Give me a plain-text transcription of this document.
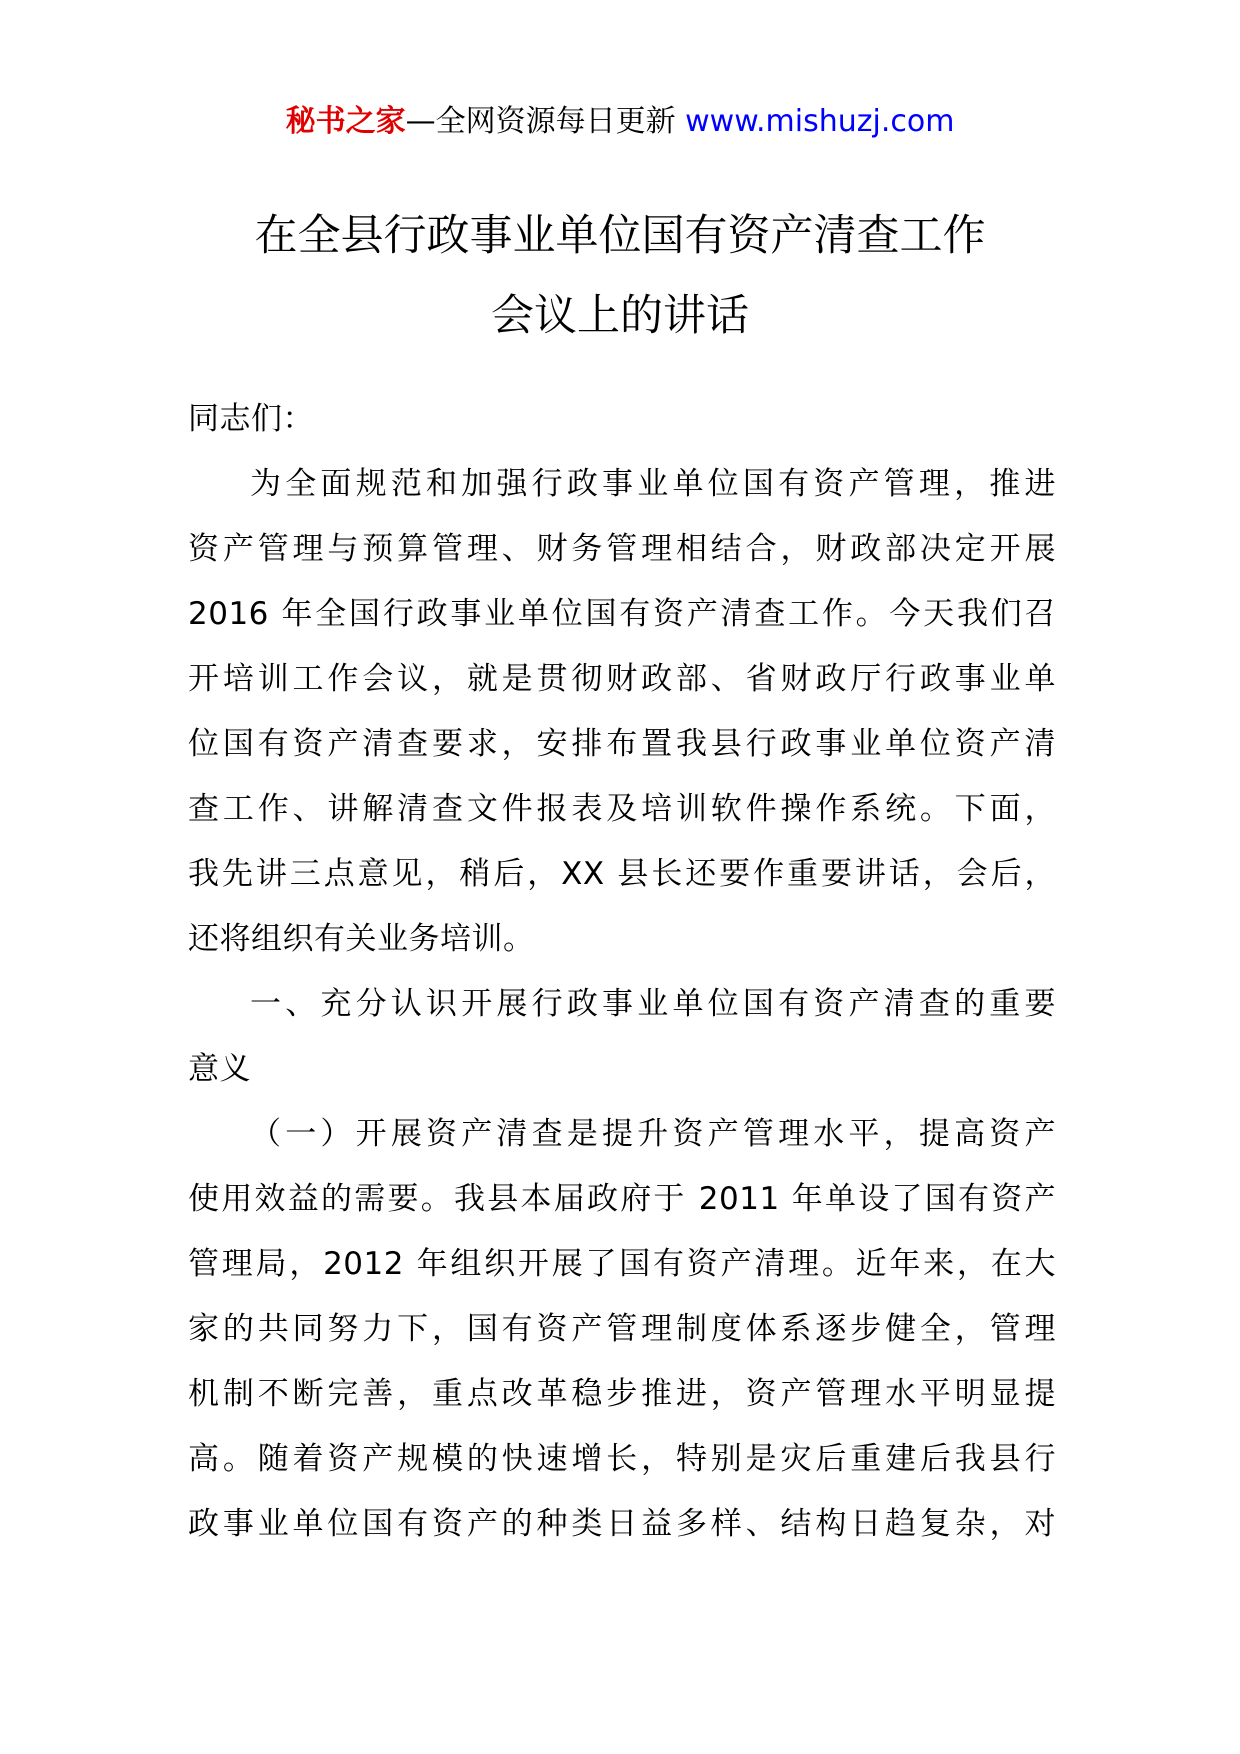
秘书之家—全网资源每日更新 www.mishuzj.com
在全县行政事业单位国有资产清查工作
会议上的讲话
同志们：
为全面规范和加强行政事业单位国有资产管理，推进
资产管理与预算管理、财务管理相结合，财政部决定开展
2016 年全国行政事业单位国有资产清查工作。今天我们召
开培训工作会议，就是贯彻财政部、省财政厅行政事业单
位国有资产清查要求，安排布置我县行政事业单位资产清
查工作、讲解清查文件报表及培训软件操作系统。下面，
我先讲三点意见，稍后，XX 县长还要作重要讲话，会后，
还将组织有关业务培训。
一、充分认识开展行政事业单位国有资产清查的重要
意义
（一）开展资产清查是提升资产管理水平，提高资产
使用效益的需要。我县本届政府于 2011 年单设了国有资产
管理局，2012 年组织开展了国有资产清理。近年来，在大
家的共同努力下，国有资产管理制度体系逐步健全，管理
机制不断完善，重点改革稳步推进，资产管理水平明显提
高。随着资产规模的快速增长，特别是灾后重建后我县行
政事业单位国有资产的种类日益多样、结构日趋复杂，对
